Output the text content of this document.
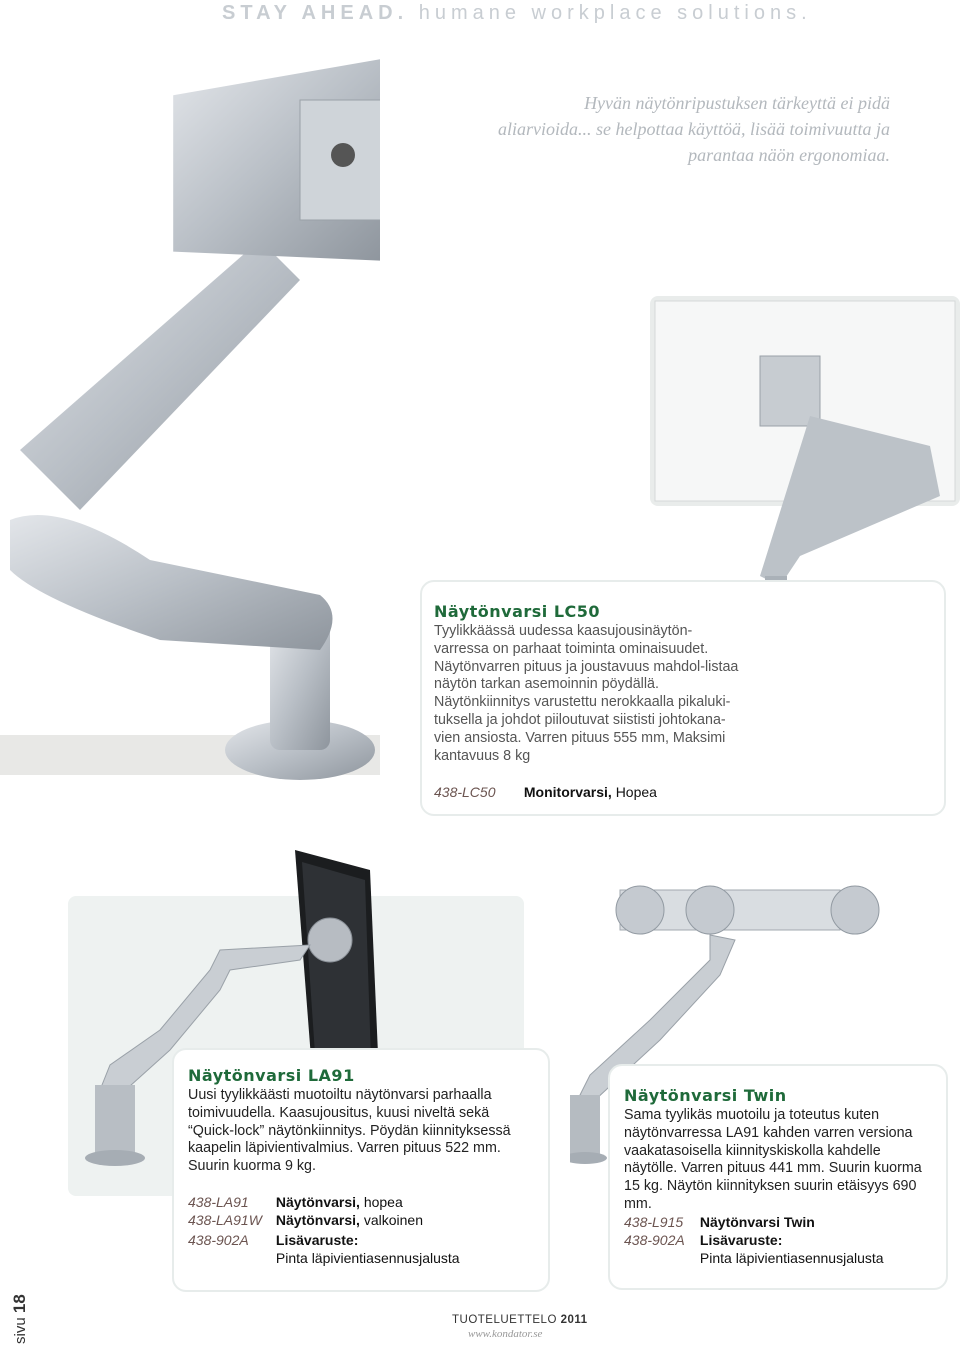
STAY AHEAD. humane workplace solutions.
Hyvän näytönripustuksen tärkeyttä ei pidä aliarvioida... se helpottaa käyttöä, lisää toimivuutta ja parantaa näön ergonomiaa.
Näytönvarsi LC50

Tyylikkäässä uudessa kaasujousinäytön-varressa on parhaat toiminta ominaisuudet. Näytönvarren pituus ja joustavuus mahdol-listaa näytön tarkan asemoinnin pöydällä. Näytönkiinnitys varustettu nerokkaalla pikaluki-tuksella ja johdot piiloutuvat siististi johtokana-vien ansiosta. Varren pituus 555 mm, Maksimi kantavuus 8 kg

438-LC50 Monitorvarsi, Hopea
Näytönvarsi LA91

Uusi tyylikkäästi muotoiltu näytönvarsi parhaalla toimivuudella. Kaasujousitus, kuusi niveltä sekä “Quick-lock” näytönkiinnitys. Pöydän kiinnityksessä kaapelin läpivientivalmius. Varren pituus 522 mm. Suurin kuorma 9 kg.

438-LA91 Näytönvarsi, hopea
438-LA91W Näytönvarsi, valkoinen
438-902A Lisävaruste:
Pinta läpivientiasennusjalusta
Näytönvarsi Twin

Sama tyylikäs muotoilu ja toteutus kuten näytönvarressa LA91 kahden varren versiona vaakatasoisella kiinnityskiskolla kahdelle näytölle. Varren pituus 441 mm. Suurin kuorma 15 kg. Näytön kiinnityksen suurin etäisyys 690 mm.

438-L915 Näytönvarsi Twin
438-902A Lisävaruste:
Pinta läpivientiasennusjalusta
sivu 18
TUOTELUETTELO 2011
www.kondator.se
